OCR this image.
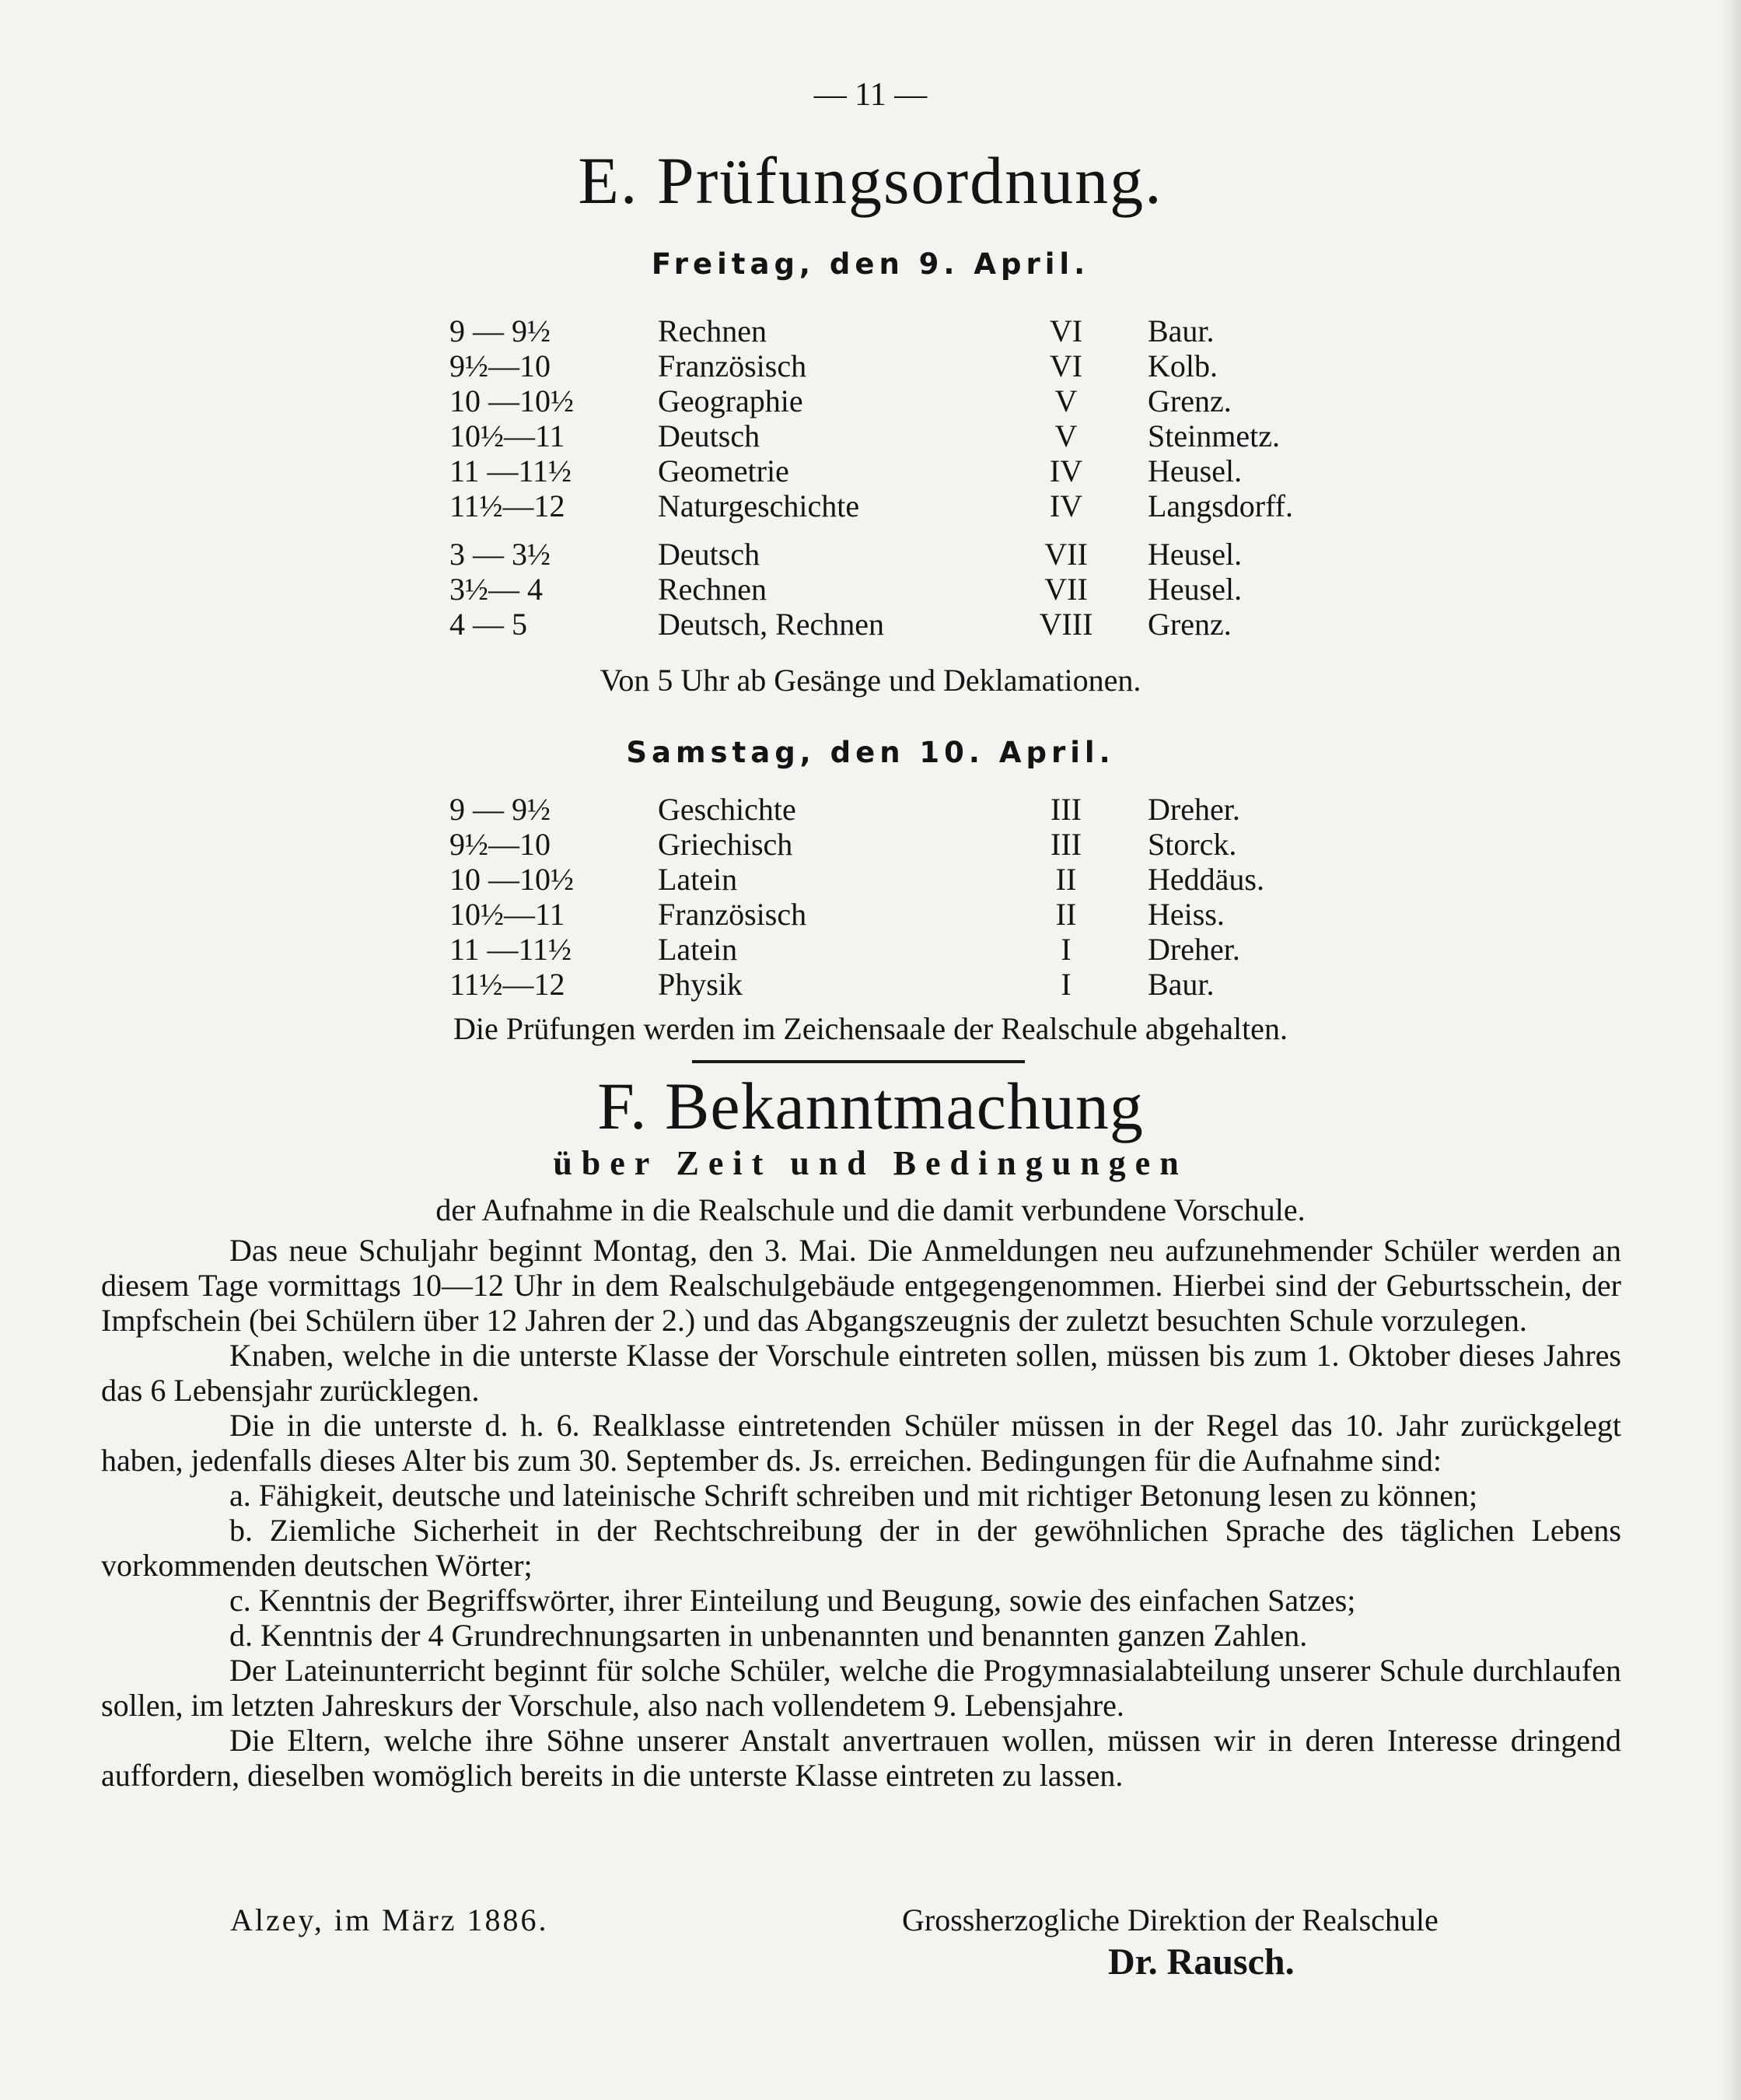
— 11 —
E. Prüfungsordnung.
Freitag, den 9. April.
9 — 9½	Rechnen	VI	Baur.
9½—10	Französisch	VI	Kolb.
10 —10½	Geographie	V	Grenz.
10½—11	Deutsch	V	Steinmetz.
11 —11½	Geometrie	IV	Heusel.
11½—12	Naturgeschichte	IV	Langsdorff.
3 — 3½	Deutsch	VII	Heusel.
3½— 4	Rechnen	VII	Heusel.
4 — 5	Deutsch, Rechnen	VIII	Grenz.
Von 5 Uhr ab Gesänge und Deklamationen.
Samstag, den 10. April.
9 — 9½	Geschichte	III	Dreher.
9½—10	Griechisch	III	Storck.
10 —10½	Latein	II	Heddäus.
10½—11	Französisch	II	Heiss.
11 —11½	Latein	I	Dreher.
11½—12	Physik	I	Baur.
Die Prüfungen werden im Zeichensaale der Realschule abgehalten.
F. Bekanntmachung
über Zeit und Bedingungen
der Aufnahme in die Realschule und die damit verbundene Vorschule.

Das neue Schuljahr beginnt Montag, den 3. Mai. Die Anmeldungen neu aufzunehmender Schüler werden an diesem Tage vormittags 10—12 Uhr in dem Realschulgebäude entgegengenommen. Hierbei sind der Geburtsschein, der Impfschein (bei Schülern über 12 Jahren der 2.) und das Abgangszeugnis der zuletzt besuchten Schule vorzulegen.

Knaben, welche in die unterste Klasse der Vorschule eintreten sollen, müssen bis zum 1. Oktober dieses Jahres das 6 Lebensjahr zurücklegen.

Die in die unterste d. h. 6. Realklasse eintretenden Schüler müssen in der Regel das 10. Jahr zurückgelegt haben, jedenfalls dieses Alter bis zum 30. September ds. Js. erreichen. Bedingungen für die Aufnahme sind:

a. Fähigkeit, deutsche und lateinische Schrift schreiben und mit richtiger Betonung lesen zu können;

b. Ziemliche Sicherheit in der Rechtschreibung der in der gewöhnlichen Sprache des täglichen Lebens vorkommenden deutschen Wörter;

c. Kenntnis der Begriffswörter, ihrer Einteilung und Beugung, sowie des einfachen Satzes;

d. Kenntnis der 4 Grundrechnungsarten in unbenannten und benannten ganzen Zahlen.

Der Lateinunterricht beginnt für solche Schüler, welche die Progymnasialabteilung unserer Schule durchlaufen sollen, im letzten Jahreskurs der Vorschule, also nach vollendetem 9. Lebensjahre.

Die Eltern, welche ihre Söhne unserer Anstalt anvertrauen wollen, müssen wir in deren Interesse dringend auffordern, dieselben womöglich bereits in die unterste Klasse eintreten zu lassen.

Alzey, im März 1886.	Grossherzogliche Direktion der Realschule
Dr. Rausch.
